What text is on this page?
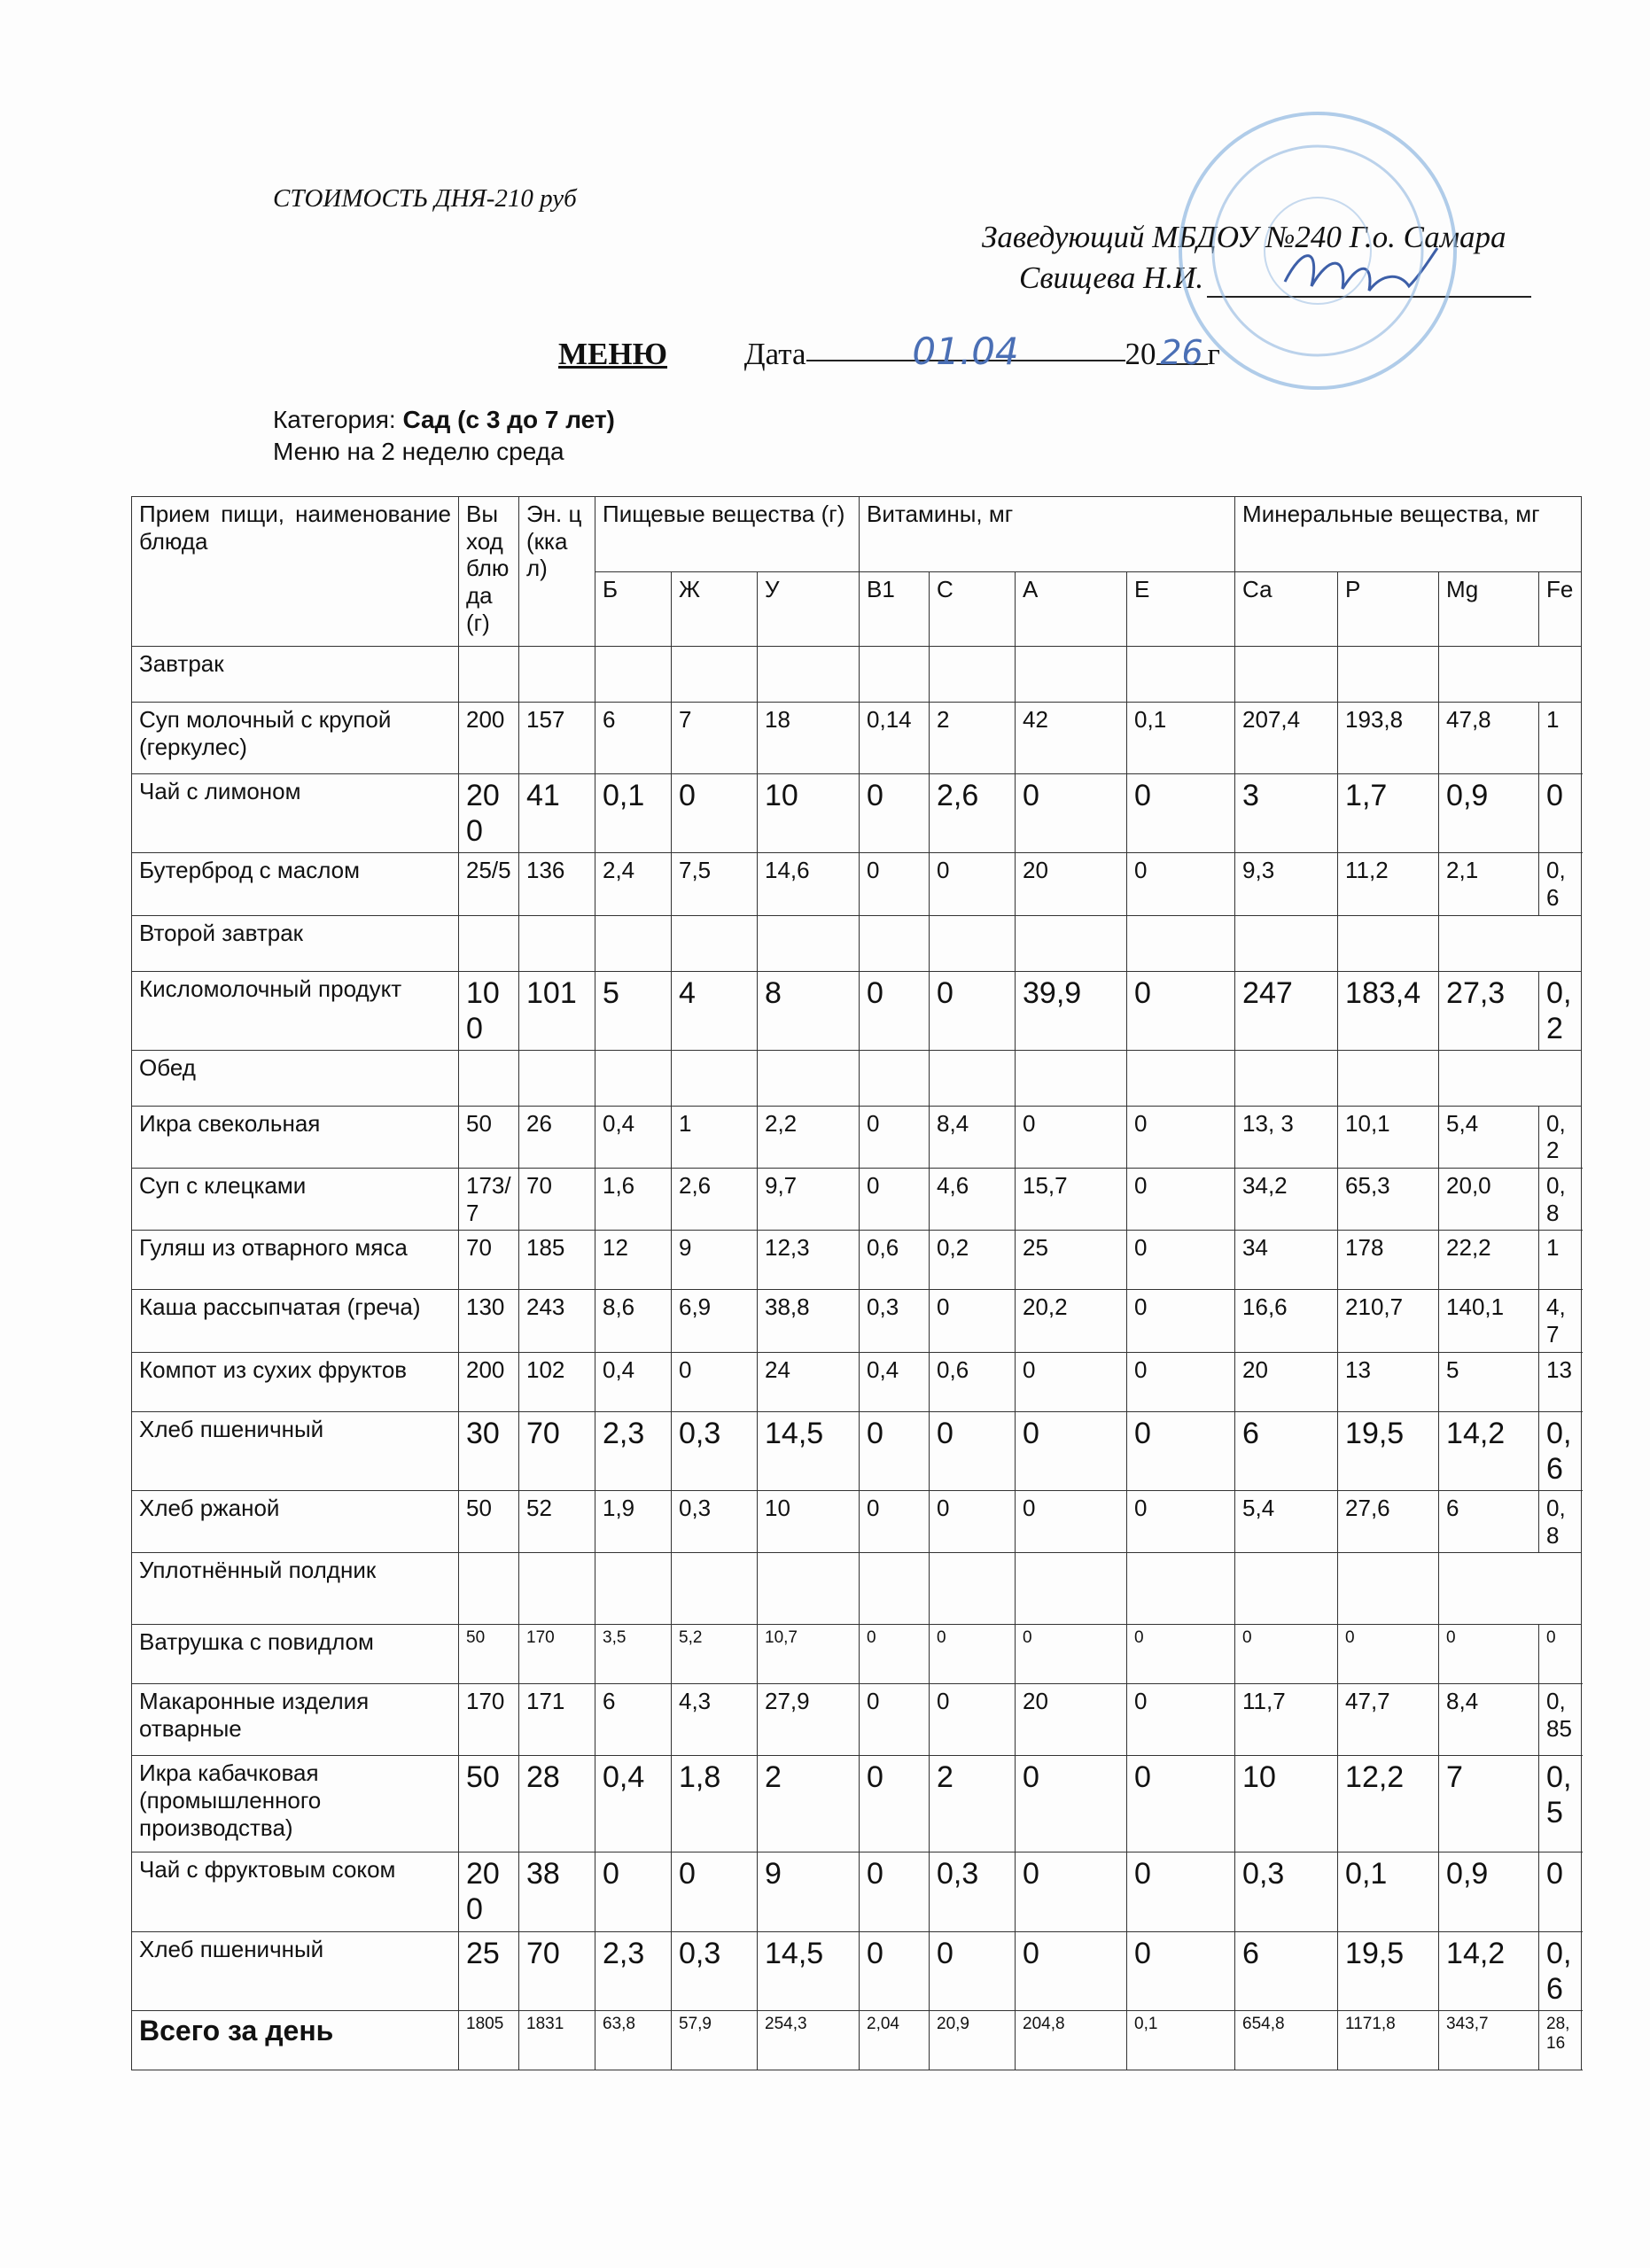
СТОИМОСТЬ ДНЯ-210 руб
Заведующий МБДОУ №240 Г.о. Самара
Свищева Н.И.
МЕНЮ Дата	01.04	20 26 г
Категория: Сад (с 3 до 7 лет)
Меню на 2 неделю среда
Прием пищи, наименование блюда	Вы ход блю да (г)	Эн. ц (кка л)	Пищевые вещества (г)			Витамины, мг				Минеральные вещества, мг			
			Б	Ж	У	В1	С	А	Е	Са	Р	Mg	Fe
Завтрак													
Суп молочный с крупой (геркулес)	200	157	6	7	18	0,14	2	42	0,1	207,4	193,8	47,8	1
Чай с лимоном	200	41	0,1	0	10	0	2,6	0	0	3	1,7	0,9	0
Бутерброд с маслом	25/5	136	2,4	7,5	14,6	0	0	20	0	9,3	11,2	2,1	0,6
Второй завтрак													
Кисломолочный продукт	100	101	5	4	8	0	0	39,9	0	247	183,4	27,3	0,2
Обед													
Икра свекольная	50	26	0,4	1	2,2	0	8,4	0	0	13, 3	10,1	5,4	0,2
Суп с клецками	173/7	70	1,6	2,6	9,7	0	4,6	15,7	0	34,2	65,3	20,0	0,8
Гуляш из отварного мяса	70	185	12	9	12,3	0,6	0,2	25	0	34	178	22,2	1
Каша рассыпчатая (греча)	130	243	8,6	6,9	38,8	0,3	0	20,2	0	16,6	210,7	140,1	4,7
Компот из сухих фруктов	200	102	0,4	0	24	0,4	0,6	0	0	20	13	5	13
Хлеб пшеничный	30	70	2,3	0,3	14,5	0	0	0	0	6	19,5	14,2	0,6
Хлеб ржаной	50	52	1,9	0,3	10	0	0	0	0	5,4	27,6	6	0,8
Уплотнённый полдник													
Ватрушка с повидлом	50	170	3,5	5,2	10,7	0	0	0	0	0	0	0	0
Макаронные изделия отварные	170	171	6	4,3	27,9	0	0	20	0	11,7	47,7	8,4	0,85
Икра кабачковая (промышленного производства)	50	28	0,4	1,8	2	0	2	0	0	10	12,2	7	0,5
Чай с фруктовым соком	200	38	0	0	9	0	0,3	0	0	0,3	0,1	0,9	0
Хлеб пшеничный	25	70	2,3	0,3	14,5	0	0	0	0	6	19,5	14,2	0,6
Всего за день	1805	1831	63,8	57,9	254,3	2,04	20,9	204,8	0,1	654,8	1171,8	343,7	28,16
